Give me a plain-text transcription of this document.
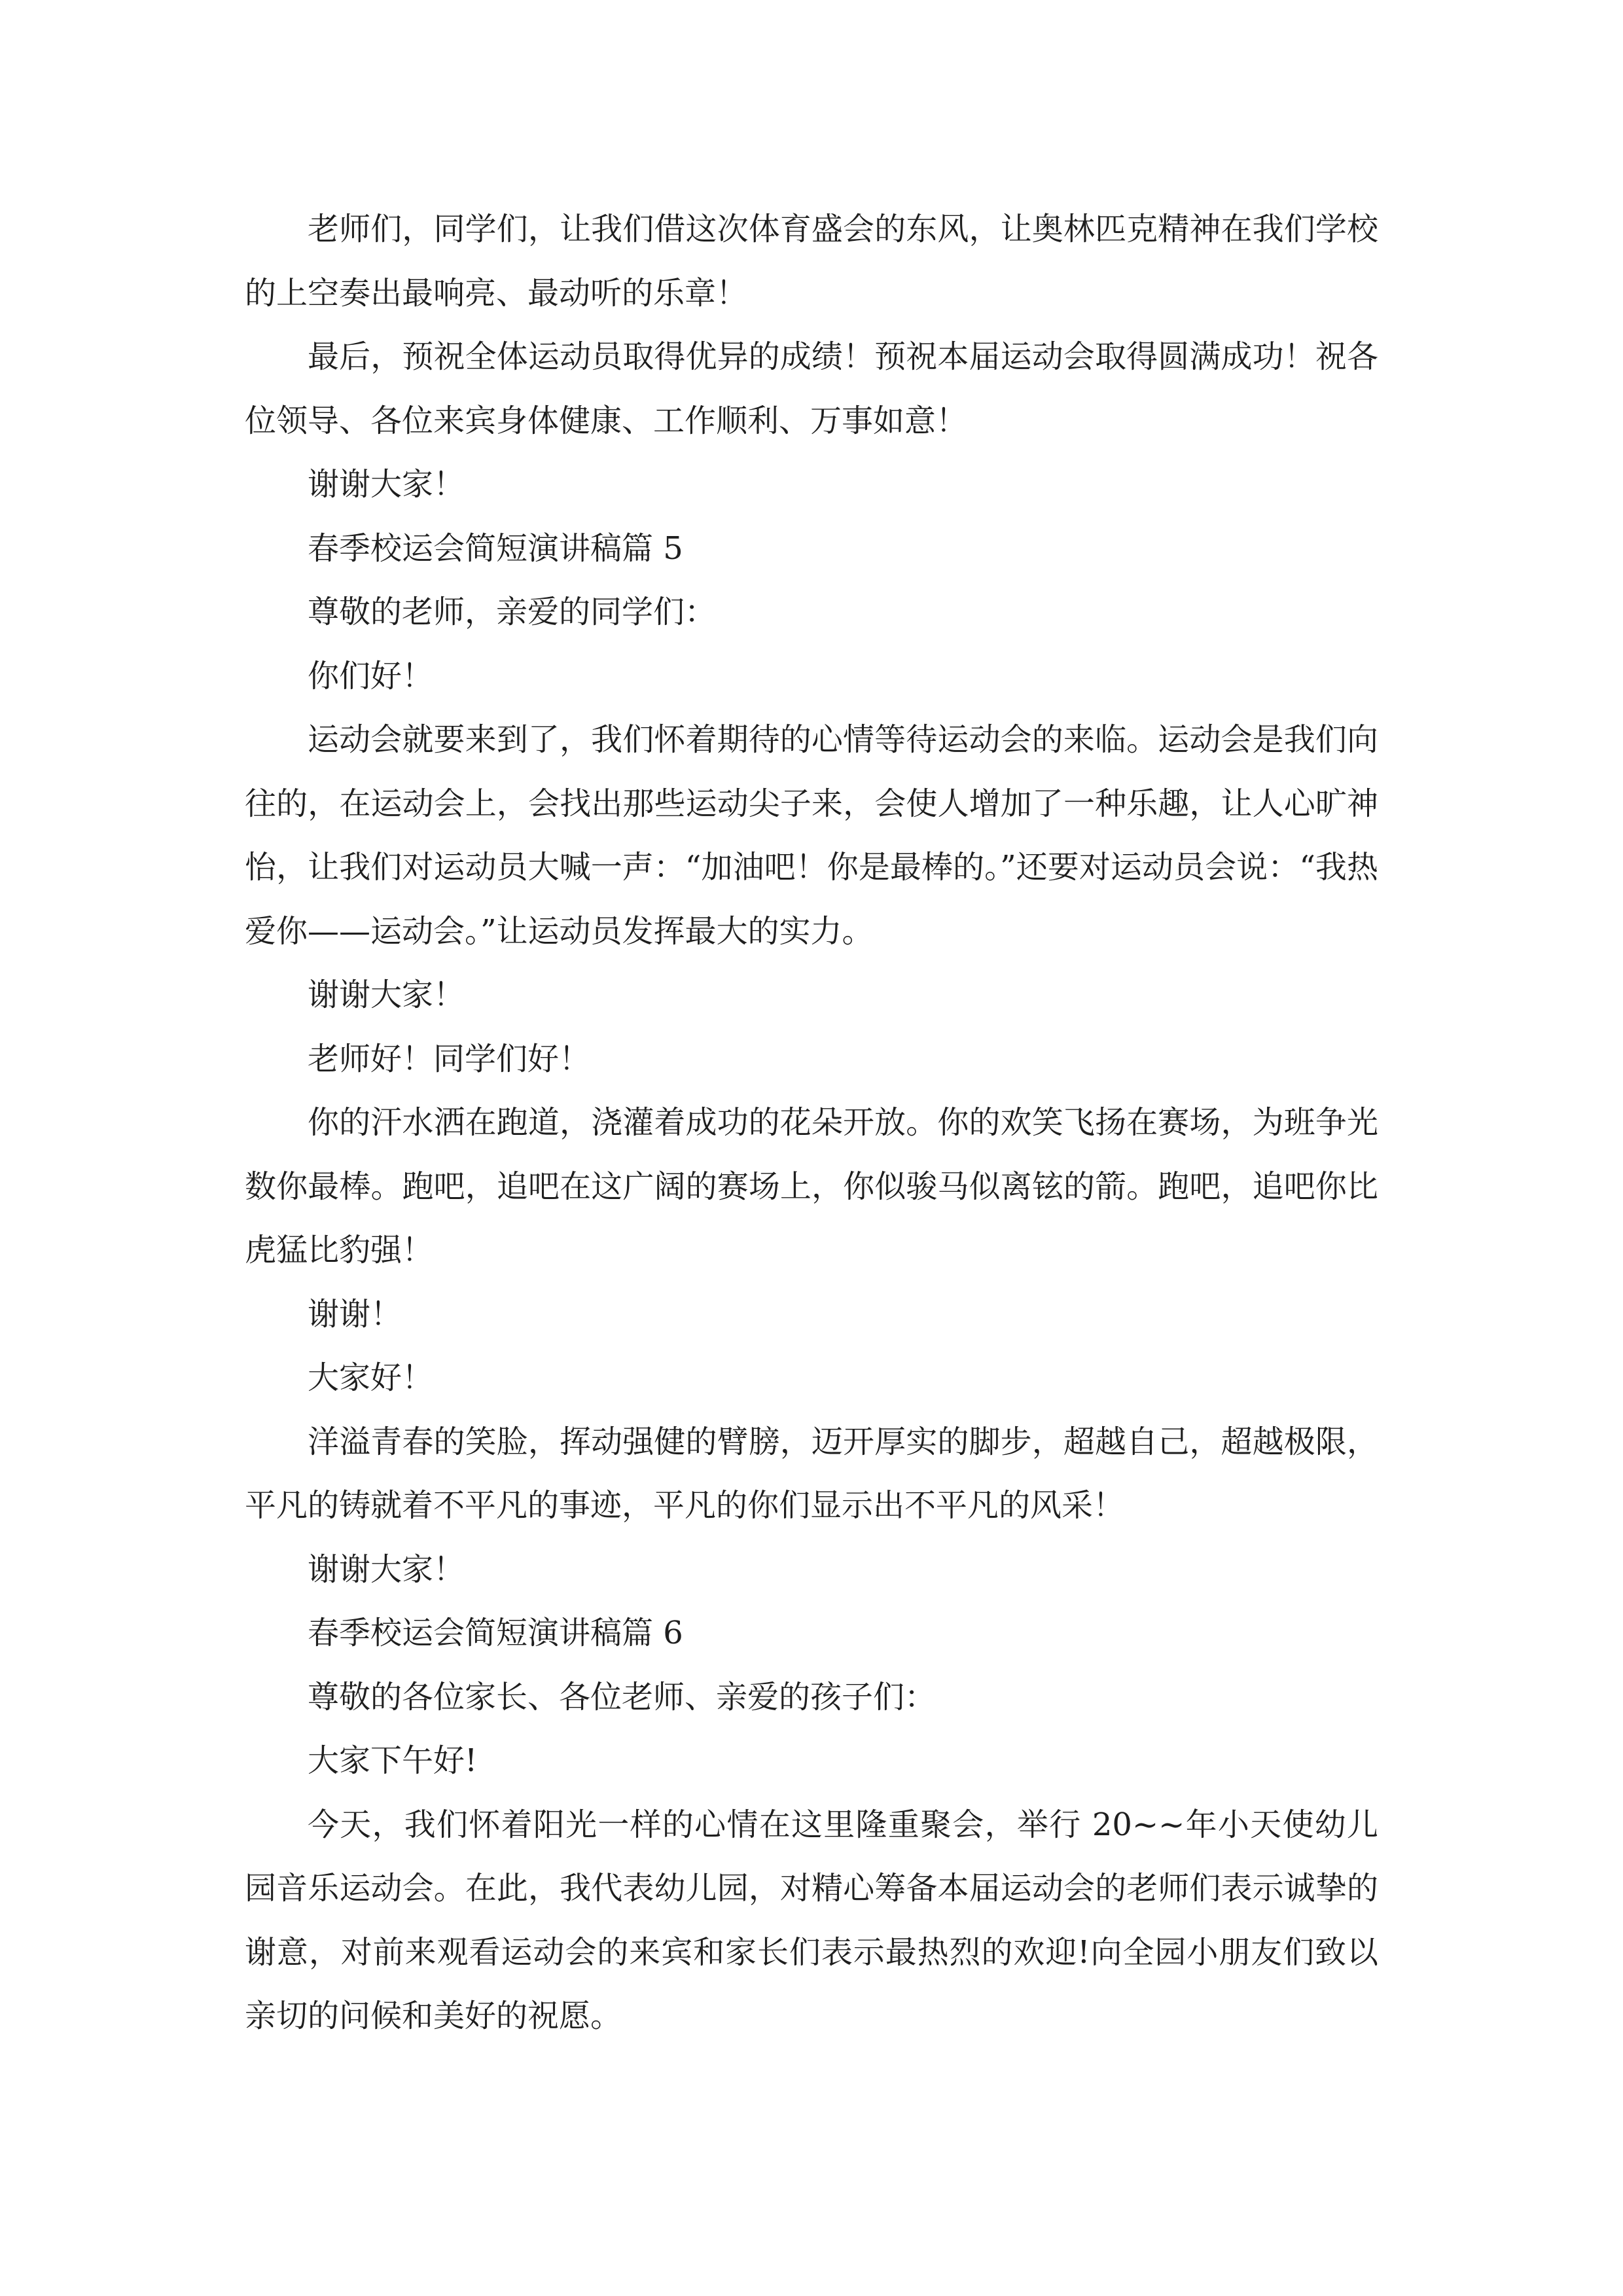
老师们，同学们，让我们借这次体育盛会的东风，让奥林匹克精神在我们学校的上空奏出最响亮、最动听的乐章！

最后，预祝全体运动员取得优异的成绩！预祝本届运动会取得圆满成功！祝各位领导、各位来宾身体健康、工作顺利、万事如意！

谢谢大家！

春季校运会简短演讲稿篇 5

尊敬的老师，亲爱的同学们：

你们好！

运动会就要来到了，我们怀着期待的心情等待运动会的来临。运动会是我们向往的，在运动会上，会找出那些运动尖子来，会使人增加了一种乐趣，让人心旷神怡，让我们对运动员大喊一声：“加油吧！你是最棒的。”还要对运动员会说：“我热爱你——运动会。”让运动员发挥最大的实力。

谢谢大家！

老师好！同学们好！

你的汗水洒在跑道，浇灌着成功的花朵开放。你的欢笑飞扬在赛场，为班争光数你最棒。跑吧，追吧在这广阔的赛场上，你似骏马似离铉的箭。跑吧，追吧你比虎猛比豹强！

谢谢！

大家好！

洋溢青春的笑脸，挥动强健的臂膀，迈开厚实的脚步，超越自己，超越极限，平凡的铸就着不平凡的事迹，平凡的你们显示出不平凡的风采！

谢谢大家！

春季校运会简短演讲稿篇 6

尊敬的各位家长、各位老师、亲爱的孩子们：

大家下午好!

今天，我们怀着阳光一样的心情在这里隆重聚会，举行 20~~年小天使幼儿园音乐运动会。在此，我代表幼儿园，对精心筹备本届运动会的老师们表示诚挚的谢意，对前来观看运动会的来宾和家长们表示最热烈的欢迎!向全园小朋友们致以亲切的问候和美好的祝愿。
